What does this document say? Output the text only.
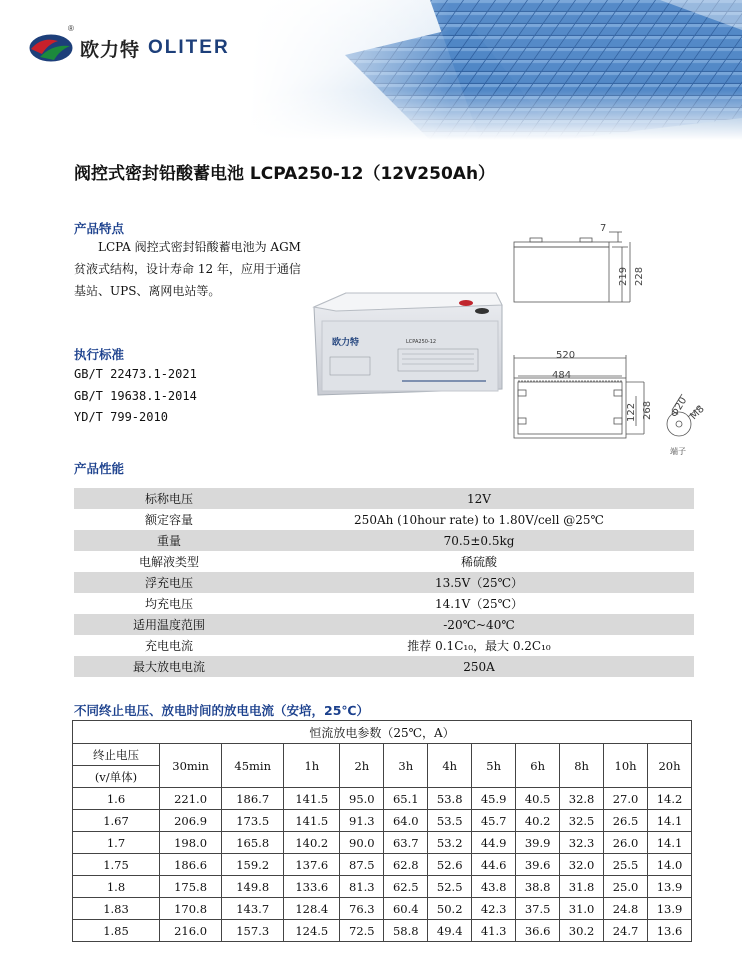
欧力特 OLITER
®
阀控式密封铅酸蓄电池 LCPA250-12（12V250Ah）
产品特点
LCPA 阀控式密封铅酸蓄电池为 AGM 贫液式结构，设计寿命 12 年，应用于通信基站、UPS、离网电站等。
执行标准
GB/T 22473.1-2021
GB/T 19638.1-2014
YD/T 799-2010
欧力特	LCPA250-12
7
219 228
520
484
122 268 Ф20 M8
端子
产品性能
标称电压	12V
额定容量	250Ah (10hour rate) to 1.80V/cell @25℃
重量	70.5±0.5kg
电解液类型	稀硫酸
浮充电压	13.5V（25℃）
均充电压	14.1V（25℃）
适用温度范围	-20℃~40℃
充电电流	推荐 0.1C₁₀，最大 0.2C₁₀
最大放电电流	250A
不同终止电压、放电时间的放电电流（安培，25℃）
恒流放电参数（25℃，A）											
终止电压	30min	45min	1h	2h	3h	4h	5h	6h	8h	10h	20h
(v/单体)											
1.6	221.0	186.7	141.5	95.0	65.1	53.8	45.9	40.5	32.8	27.0	14.2
1.67	206.9	173.5	141.5	91.3	64.0	53.5	45.7	40.2	32.5	26.5	14.1
1.7	198.0	165.8	140.2	90.0	63.7	53.2	44.9	39.9	32.3	26.0	14.1
1.75	186.6	159.2	137.6	87.5	62.8	52.6	44.6	39.6	32.0	25.5	14.0
1.8	175.8	149.8	133.6	81.3	62.5	52.5	43.8	38.8	31.8	25.0	13.9
1.83	170.8	143.7	128.4	76.3	60.4	50.2	42.3	37.5	31.0	24.8	13.9
1.85	216.0	157.3	124.5	72.5	58.8	49.4	41.3	36.6	30.2	24.7	13.6
